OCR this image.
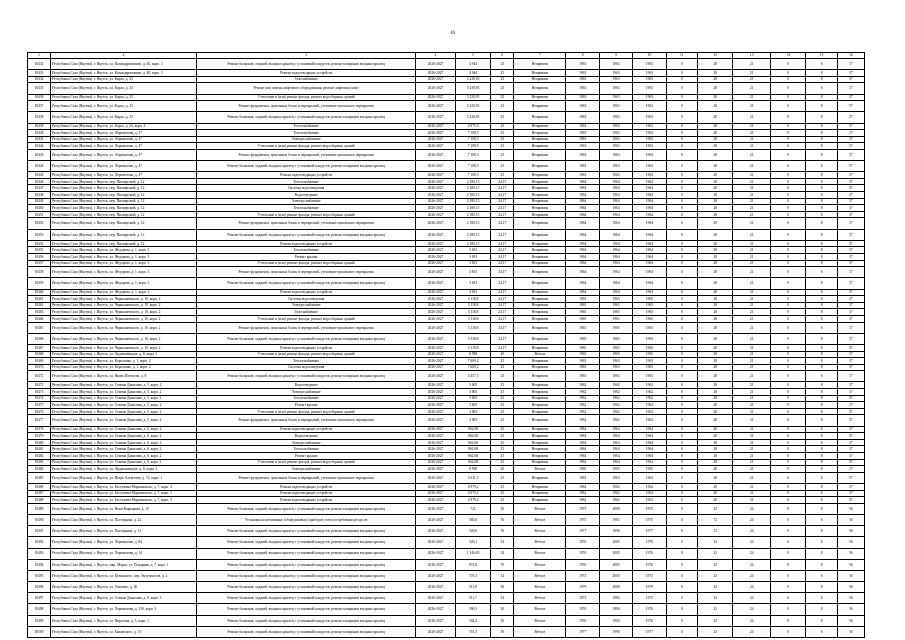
16
1	2	3	4	5	6	7	8	9	10	11	12	13	14	15	16
18432	Республика Саха (Якутия), г. Якутск, ул. Каландаришвили, д. 40, корп. 3	Ремонт балконов, лоджий, входных крылец с установкой пандусов, ремонт козырьков входных крылец	2026-2027	4 944	25	Неприватн	1963	1963	1963	0	28	21	0	8	57
18433	Республика Саха (Якутия), г. Якутск, ул. Каландаришвили, д. 40, корп. 3	Ремонт водоотводящих устройств	2026-2027	4 944	25	Неприватн	1963	1963	1963	0	28	21	0	8	57
18434	Республика Саха (Якутия), г. Якутск, ул. Карла, д. 23	Газоснабжение	2026-2027	5 230,93	25	Неприватн	1963	1963	1963	0	28	21	0	8	57
18435	Республика Саха (Якутия), г. Якутск, ул. Карла, д. 23	Ремонт или замена лифтового оборудования, ремонт лифтовых шахт	2026-2027	5 230,93	25	Неприватн	1963	1963	1963	0	28	21	0	8	57
18436	Республика Саха (Якутия), г. Якутск, ул. Карла, д. 23	Утепление и (или) ремонт фасада, ремонт водосборных зданий	2026-2027	5 230,93	25	Неприватн	1963	1963	1963	0	28	21	0	8	57
18437	Республика Саха (Якутия), г. Якутск, ул. Карла, д. 23	Ремонт фундамента, цокольных балок и перекрытий, утепление цокольного перекрытия	2026-2027	5 230,93	25	Неприватн	1963	1963	1963	0	28	21	0	8	57
18438	Республика Саха (Якутия), г. Якутск, ул. Карла, д. 23	Ремонт балконов, лоджий, входных крылец с установкой пандусов, ремонт козырьков входных крылец	2026-2027	5 230,93	25	Неприватн	1963	1963	1963	0	28	21	0	8	57
18439	Республика Саха (Якутия), г. Якутск, ул. Карла, д. 23, корп. 2	Теплоснабжение	2026-2027	4 975,3	25	Неприватн	1963	1963	1963	0	28	21	0	8	57
18440	Республика Саха (Якутия), г. Якутск, ул. Лермонтова, д. 47	Теплоснабжение	2026-2027	7 108,5	25	Неприватн	1963	1963	1963	0	28	21	0	8	57
18441	Республика Саха (Якутия), г. Якутск, ул. Лермонтова, д. 47	Электроснабжение	2026-2027	7 108,5	25	Неприватн	1963	1963	1963	0	28	21	0	8	57
18442	Республика Саха (Якутия), г. Якутск, ул. Лермонтова, д. 47	Утепление и (или) ремонт фасада, ремонт водосборных зданий	2026-2027	7 108,5	25	Неприватн	1963	1963	1963	0	28	21	0	8	57
18443	Республика Саха (Якутия), г. Якутск, ул. Лермонтова, д. 47	Ремонт фундамента, цокольных балок и перекрытий, утепление цокольного перекрытия	2026-2027	7 108,5	25	Неприватн	1963	1963	1963	0	28	21	0	8	57
18444	Республика Саха (Якутия), г. Якутск, ул. Лермонтова, д. 47	Ремонт балконов, лоджий, входных крылец с установкой пандусов, ремонт козырьков входных крылец	2026-2027	7 108,5	25	Неприватн	1963	1963	1963	0	28	21	0	8	57
18445	Республика Саха (Якутия), г. Якутск, ул. Лермонтова, д. 47	Ремонт водоотводящих устройств	2026-2027	7 108,5	25	Неприватн	1963	1963	1963	0	28	21	0	8	57
18446	Республика Саха (Якутия), г. Якутск, пер. Пионерский, д. 12	Теплоснабжение	2026-2027	2 180,15	24,17	Неприватн	1964	1964	1964	0	28	21	0	8	57
18447	Республика Саха (Якутия), г. Якутск, пер. Пионерский, д. 12	Система водоотведения	2026-2027	2 180,15	24,17	Неприватн	1964	1964	1964	0	28	21	0	8	57
18448	Республика Саха (Якутия), г. Якутск, пер. Пионерский, д. 12	Водоотведение	2026-2027	2 180,15	24,17	Неприватн	1964	1964	1964	0	28	21	0	8	57
18449	Республика Саха (Якутия), г. Якутск, пер. Пионерский, д. 12	Электроснабжение	2026-2027	2 180,15	24,17	Неприватн	1964	1964	1964	0	28	21	0	8	57
18450	Республика Саха (Якутия), г. Якутск, пер. Пионерский, д. 12	Теплоснабжение	2026-2027	2 180,15	24,17	Неприватн	1964	1964	1964	0	28	21	0	8	57
18451	Республика Саха (Якутия), г. Якутск, пер. Пионерский, д. 12	Утепление и (или) ремонт фасада, ремонт водосборных зданий	2026-2027	2 180,15	24,17	Неприватн	1964	1964	1964	0	28	21	0	8	57
18452	Республика Саха (Якутия), г. Якутск, пер. Пионерский, д. 12	Ремонт фундамента, цокольных балок и перекрытий, утепление цокольного перекрытия	2026-2027	2 180,15	24,17	Неприватн	1964	1964	1964	0	28	21	0	8	57
18453	Республика Саха (Якутия), г. Якутск, пер. Пионерский, д. 12	Ремонт балконов, лоджий, входных крылец с установкой пандусов, ремонт козырьков входных крылец	2026-2027	2 180,15	24,17	Неприватн	1964	1964	1964	0	28	21	0	8	57
18454	Республика Саха (Якутия), г. Якутск, пер. Пионерский, д. 12	Ремонт водоотводящих устройств	2026-2027	2 180,15	24,17	Неприватн	1964	1964	1964	0	28	21	0	8	57
18455	Республика Саха (Якутия), г. Якутск, ул. Фёдорова, д. 1, корп. 3	Теплоснабжение	2026-2027	3 653	24,17	Неприватн	1964	1964	1964	0	28	21	0	8	57
18456	Республика Саха (Якутия), г. Якутск, ул. Фёдорова, д. 1, корп. 3	Ремонт крыши	2026-2027	3 653	24,17	Неприватн	1964	1964	1964	0	28	21	0	8	57
18457	Республика Саха (Якутия), г. Якутск, ул. Фёдорова, д. 1, корп. 3	Утепление и (или) ремонт фасада, ремонт водосборных зданий	2026-2027	3 653	24,17	Неприватн	1964	1964	1964	0	28	21	0	8	57
18458	Республика Саха (Якутия), г. Якутск, ул. Фёдорова, д. 1, корп. 3	Ремонт фундамента, цокольных балок и перекрытий, утепление цокольного перекрытия	2026-2027	3 653	24,17	Неприватн	1964	1964	1964	0	28	21	0	8	57
18459	Республика Саха (Якутия), г. Якутск, ул. Фёдорова, д. 1, корп. 3	Ремонт балконов, лоджий, входных крылец с установкой пандусов, ремонт козырьков входных крылец	2026-2027	3 653	24,17	Неприватн	1964	1964	1964	0	28	21	0	8	57
18460	Республика Саха (Якутия), г. Якутск, ул. Фёдорова, д. 1, корп. 3	Ремонт водоотводящих устройств	2026-2027	3 653	24,17	Неприватн	1964	1964	1964	0	28	21	0	8	57
18461	Республика Саха (Якутия), г. Якутск, ул. Чернышевского, д. 10, корп. 2	Система водоотведения	2026-2027	3 118,8	24,17	Неприватн	1965	1965	1965	0	28	21	0	8	57
18462	Республика Саха (Якутия), г. Якутск, ул. Чернышевского, д. 10, корп. 2	Электроснабжение	2026-2027	3 118,8	24,17	Неприватн	1965	1965	1965	0	28	21	0	8	57
18463	Республика Саха (Якутия), г. Якутск, ул. Чернышевского, д. 10, корп. 2	Газоснабжение	2026-2027	3 118,8	24,17	Неприватн	1965	1965	1965	0	28	21	0	8	57
18464	Республика Саха (Якутия), г. Якутск, ул. Чернышевского, д. 10, корп. 2	Утепление и (или) ремонт фасада, ремонт водосборных зданий	2026-2027	3 118,8	24,17	Неприватн	1965	1965	1965	0	28	21	0	8	57
18465	Республика Саха (Якутия), г. Якутск, ул. Чернышевского, д. 10, корп. 2	Ремонт фундамента, цокольных балок и перекрытий, утепление цокольного перекрытия	2026-2027	3 118,8	24,17	Неприватн	1965	1965	1965	0	28	21	0	8	57
18466	Республика Саха (Якутия), г. Якутск, ул. Чернышевского, д. 10, корп. 2	Ремонт балконов, лоджий, входных крылец с установкой пандусов, ремонт козырьков входных крылец	2026-2027	3 118,8	24,17	Неприватн	1965	1965	1965	0	28	21	0	8	57
18467	Республика Саха (Якутия), г. Якутск, ул. Чернышевского, д. 10, корп. 2	Ремонт водоотводящих устройств	2026-2027	3 118,8	24,17	Неприватн	1965	1965	1965	0	28	21	0	8	57
18468	Республика Саха (Якутия), г. Якутск, ул. Орджоникидзе, д. 8, корп. 1	Утепление и (или) ремонт фасада, ремонт водосборных зданий	2026-2027	8 598	20	Ветхое	1965	1965	1965	0	28	21	0	8	57
18469	Республика Саха (Якутия), г. Якутск, ул. Короленко, д. 1, корп. 2	Теплоснабжение	2026-2027	7 669,2	25	Неприватн	1963	1963	1963	0	28	21	0	8	57
18470	Республика Саха (Якутия), г. Якутск, ул. Короленко, д. 1, корп. 2	Система водоотведения	2026-2027	7 669,2	25	Неприватн	1963	1963	1963	0	28	21	0	8	57
18471	Республика Саха (Якутия), г. Якутск, ул. Якова Потапова, д. 8	Ремонт балконов, лоджий, входных крылец с установкой пандусов, ремонт козырьков входных крылец	2026-2027	4 457,5	25	Неприватн	1963	1963	1963	0	28	21	0	8	57
18472	Республика Саха (Якутия), г. Якутск, ул. Семена Данилова, д. 5, корп. 2	Водоотведение	2026-2027	3 605	25	Неприватн	1962	1962	1962	0	28	21	0	8	57
18473	Республика Саха (Якутия), г. Якутск, ул. Семена Данилова, д. 5, корп. 2	Электроснабжение	2026-2027	3 605	25	Неприватн	1962	1962	1962	0	28	21	0	8	57
18474	Республика Саха (Якутия), г. Якутск, ул. Семена Данилова, д. 5, корп. 2	Теплоснабжение	2026-2027	3 605	25	Неприватн	1962	1962	1962	0	28	21	0	8	57
18475	Республика Саха (Якутия), г. Якутск, ул. Семена Данилова, д. 5, корп. 2	Ремонт крыши	2026-2027	3 605	25	Неприватн	1962	1962	1962	0	28	21	0	8	57
18476	Республика Саха (Якутия), г. Якутск, ул. Семена Данилова, д. 5, корп. 2	Утепление и (или) ремонт фасада, ремонт водосборных зданий	2026-2027	3 605	25	Неприватн	1962	1962	1962	0	28	21	0	8	57
18477	Республика Саха (Якутия), г. Якутск, ул. Семена Данилова, д. 5, корп. 2	Ремонт фундамента, цокольных балок и перекрытий, утепление цокольного перекрытия	2026-2027	3 605	25	Неприватн	1962	1962	1962	0	28	21	0	8	57
18478	Республика Саха (Якутия), г. Якутск, ул. Семена Данилова, д. 6, корп. 2	Ремонт водоотводящих устройств	2026-2027	862,68	25	Неприватн	1964	1964	1964	0	28	21	0	8	57
18479	Республика Саха (Якутия), г. Якутск, ул. Семена Данилова, д. 6, корп. 2	Водоотведение	2026-2027	862,68	25	Неприватн	1964	1964	1964	0	28	21	0	8	57
18480	Республика Саха (Якутия), г. Якутск, ул. Семена Данилова, д. 6, корп. 2	Электроснабжение	2026-2027	862,68	25	Неприватн	1964	1964	1964	0	28	21	0	8	57
18481	Республика Саха (Якутия), г. Якутск, ул. Семена Данилова, д. 6, корп. 2	Теплоснабжение	2026-2027	862,68	25	Неприватн	1964	1964	1964	0	28	21	0	8	57
18482	Республика Саха (Якутия), г. Якутск, ул. Семена Данилова, д. 6, корп. 2	Ремонт крыши	2026-2027	862,68	25	Неприватн	1964	1964	1964	0	28	21	0	8	57
18483	Республика Саха (Якутия), г. Якутск, ул. Семена Данилова, д. 6, корп. 2	Утепление и (или) ремонт фасада, ремонт водосборных зданий	2026-2027	862,68	25	Неприватн	1964	1964	1964	0	28	21	0	8	57
18484	Республика Саха (Якутия), г. Якутск, ул. Орджоникидзе, д. 8, корп. 1	Электроснабжение	2026-2027	8 598	20	Ветхое	1965	1965	1965	0	28	21	0	8	57
18485	Республика Саха (Якутия), г. Якутск, ул. Петра Алексеева, д. 72, корп. 1	Ремонт фундамента, цокольных балок и перекрытий, утепление цокольного перекрытия	2026-2027	5 611,5	25	Неприватн	1963	1963	1963	0	28	21	0	8	57
18486	Республика Саха (Якутия), г. Якутск, ул. Бестужева-Марлинского, д. 7, корп. 3	Ремонт водоотводящих устройств	2026-2027	4 979,2	25	Неприватн	1962	1962	1962	0	28	21	0	8	57
18487	Республика Саха (Якутия), г. Якутск, ул. Бестужева-Марлинского, д. 7, корп. 3	Ремонт водоотводящих устройств	2026-2027	4 979,2	25	Неприватн	1962	1962	1962	0	28	21	0	8	57
18488	Республика Саха (Якутия), г. Якутск, ул. Бестужева-Марлинского, д. 7, корп. 3	Ремонт водоотводящих устройств	2026-2027	4 979,2	25	Неприватн	1962	1962	1962	0	28	21	0	8	57
18489	Республика Саха (Якутия), г. Якутск, ул. Ново-Карьерная, д. 10	Ремонт балконов, лоджий, входных крылец с установкой пандусов, ремонт козырьков входных крылец	2026-2027	721	30	Ветхое	1975	2009	1975	0	32	24	0	8	56
18490	Республика Саха (Якутия), г. Якутск, ул. Пастернака, д. 22	Установка коллективных (общедомовых) приборов учета потребления ресурсов	2026-2027	583,6	76	Ветхое	1975	1983	1975	0	72	24	0	8	56
18491	Республика Саха (Якутия), г. Якутск, ул. Пастернака, д. 51	Ремонт балконов, лоджий, входных крылец с установкой пандусов, ремонт козырьков входных крылец	2026-2027	520,6	76	Ветхое	1977	1996	1977	0	72	24	0	8	56
18492	Республика Саха (Якутия), г. Якутск, ул. Лермонтова, д. 84	Ремонт балконов, лоджий, входных крылец с установкой пандусов, ремонт козырьков входных крылец	2026-2027	526,1	34	Ветхое	1976	2005	1976	0	32	24	0	8	56
18493	Республика Саха (Якутия), г. Якутск, ул. Лермонтова, д. 14	Ремонт балконов, лоджий, входных крылец с установкой пандусов, ремонт козырьков входных крылец	2026-2027	1 146,65	34	Ветхое	1976	2005	1976	0	32	24	0	8	56
18494	Республика Саха (Якутия), г. Якутск, мкр. Марха, ул. Полярная, д. 7, корп. 1	Ремонт балконов, лоджий, входных крылец с установкой пандусов, ремонт козырьков входных крылец	2026-2027	972,6	70	Ветхое	1976	2005	1976	0	32	24	0	8	56
18495	Республика Саха (Якутия), г. Якутск, ул. Белинского, пер. Энтузиастов, д. 2	Ремонт балконов, лоджий, входных крылец с установкой пандусов, ремонт козырьков входных крылец	2026-2027	576,1	34	Ветхое	1973	2003	1973	0	32	24	0	8	56
18496	Республика Саха (Якутия), г. Якутск, ул. Очичено, д. 30	Ремонт балконов, лоджий, входных крылец с установкой пандусов, ремонт козырьков входных крылец	2026-2027	513,9	30	Ветхое	1979	2008	1979	0	32	24	0	8	56
18497	Республика Саха (Якутия), г. Якутск, ул. Семена Данилова, д. 8, корп. 3	Ремонт балконов, лоджий, входных крылец с установкой пандусов, ремонт козырьков входных крылец	2026-2027	511,7	34	Ветхое	1975	1983	1975	0	32	24	0	8	56
18498	Республика Саха (Якутия), г. Якутск, ул. Лермонтова, д. 130, корп. 3	Ремонт балконов, лоджий, входных крылец с установкой пандусов, ремонт козырьков входных крылец	2026-2027	586,3	30	Ветхое	1976	1994	1976	0	32	24	0	8	56
18499	Республика Саха (Якутия), г. Якутск, ул. Пирогова, д. 3, корп. 1	Ремонт балконов, лоджий, входных крылец с установкой пандусов, ремонт козырьков входных крылец	2026-2027	504,2	30	Ветхое	1976	1994	1976	0	32	24	0	8	56
18500	Республика Саха (Якутия), г. Якутск, ул. Быковского, д. 10	Ремонт балконов, лоджий, входных крылец с установкой пандусов, ремонт козырьков входных крылец	2026-2027	551,5	30	Ветхое	1977	1996	1977	0	32	24	0	8	56
